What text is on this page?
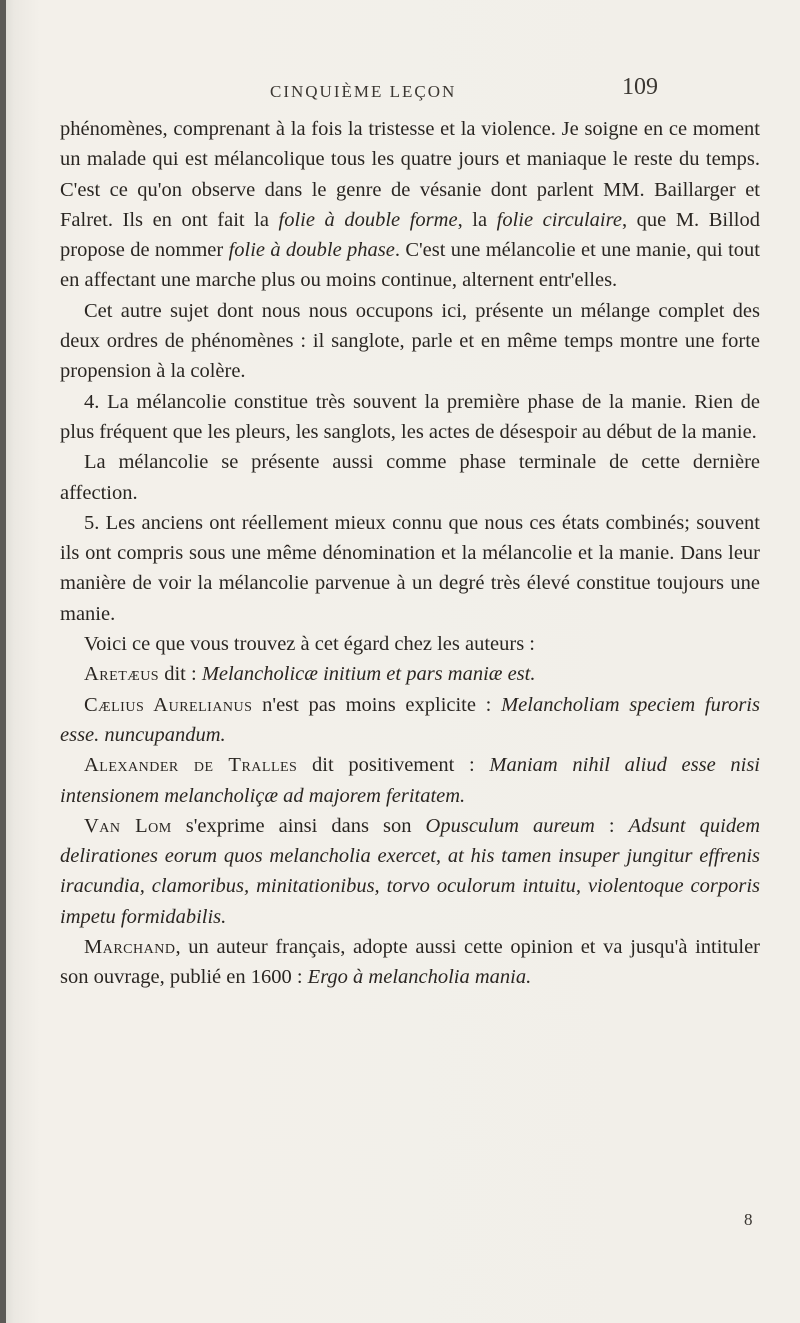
CINQUIÈME LEÇON	109

phénomènes, comprenant à la fois la tristesse et la violence. Je soigne en ce moment un malade qui est mélancolique tous les quatre jours et maniaque le reste du temps. C'est ce qu'on observe dans le genre de vésanie dont parlent MM. Baillarger et Falret. Ils en ont fait la folie à double forme, la folie circulaire, que M. Billod propose de nommer folie à double phase. C'est une mélancolie et une manie, qui tout en affectant une marche plus ou moins continue, alternent entr'elles.

Cet autre sujet dont nous nous occupons ici, présente un mélange complet des deux ordres de phénomènes : il sanglote, parle et en même temps montre une forte propension à la colère.

4. La mélancolie constitue très souvent la première phase de la manie. Rien de plus fréquent que les pleurs, les sanglots, les actes de désespoir au début de la manie.

La mélancolie se présente aussi comme phase terminale de cette dernière affection.

5. Les anciens ont réellement mieux connu que nous ces états combinés; souvent ils ont compris sous une même dénomination et la mélancolie et la manie. Dans leur manière de voir la mélancolie parvenue à un degré très élevé constitue toujours une manie.

Voici ce que vous trouvez à cet égard chez les auteurs :

Aretæus dit : Melancholicæ initium et pars maniæ est.

Cælius Aurelianus n'est pas moins explicite : Melancholiam speciem furoris esse. nuncupandum.

Alexander de Tralles dit positivement : Maniam nihil aliud esse nisi intensionem melancholiçæ ad majorem feritatem.

Van Lom s'exprime ainsi dans son Opusculum aureum : Adsunt quidem delirationes eorum quos melancholia exercet, at his tamen insuper jungitur effrenis iracundia, clamoribus, minitationibus, torvo oculorum intuitu, violentoque corporis impetu formidabilis.

Marchand, un auteur français, adopte aussi cette opinion et va jusqu'à intituler son ouvrage, publié en 1600 : Ergo à melancholia mania.

8
